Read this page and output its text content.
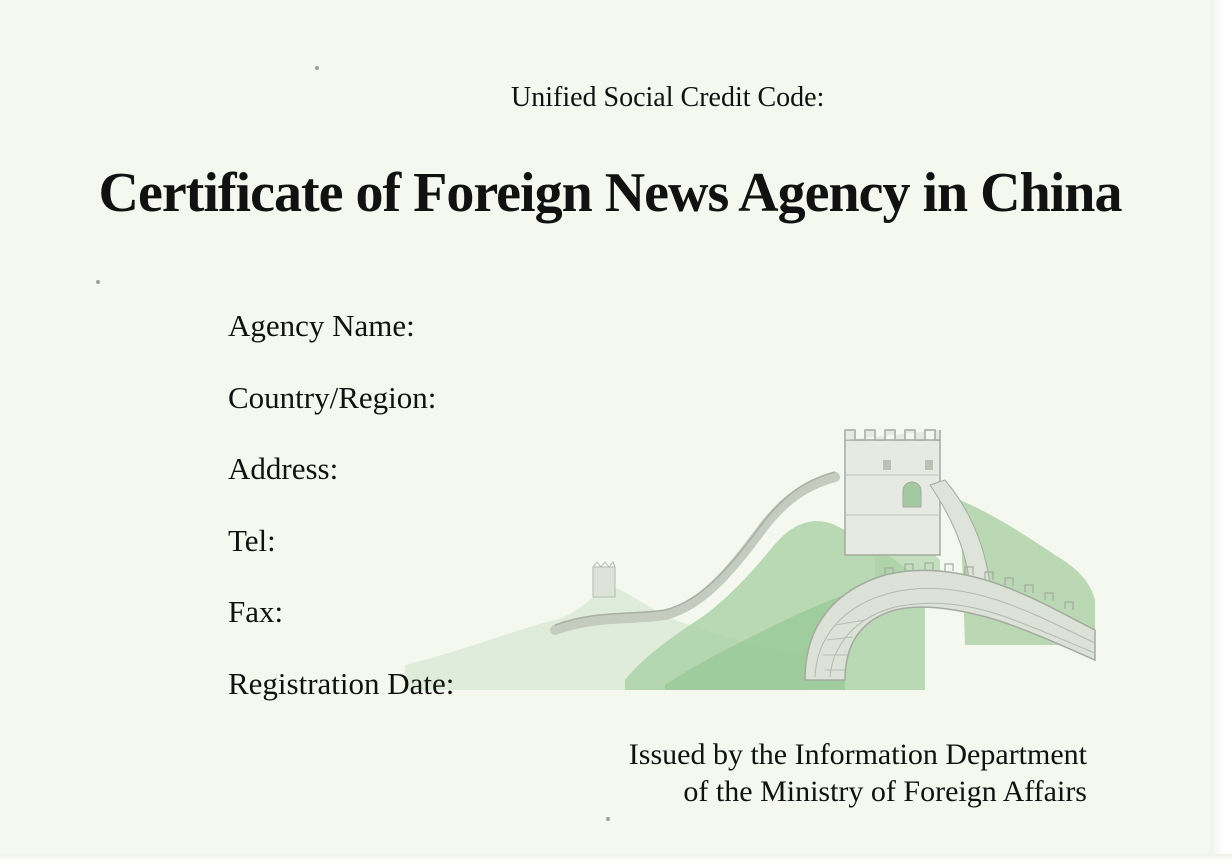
Unified Social Credit Code:
Certificate of Foreign News Agency in China
Agency Name:
Country/Region:
Address:
Tel:
Fax:
Registration Date:
Issued by the Information Department
of the Ministry of Foreign Affairs
